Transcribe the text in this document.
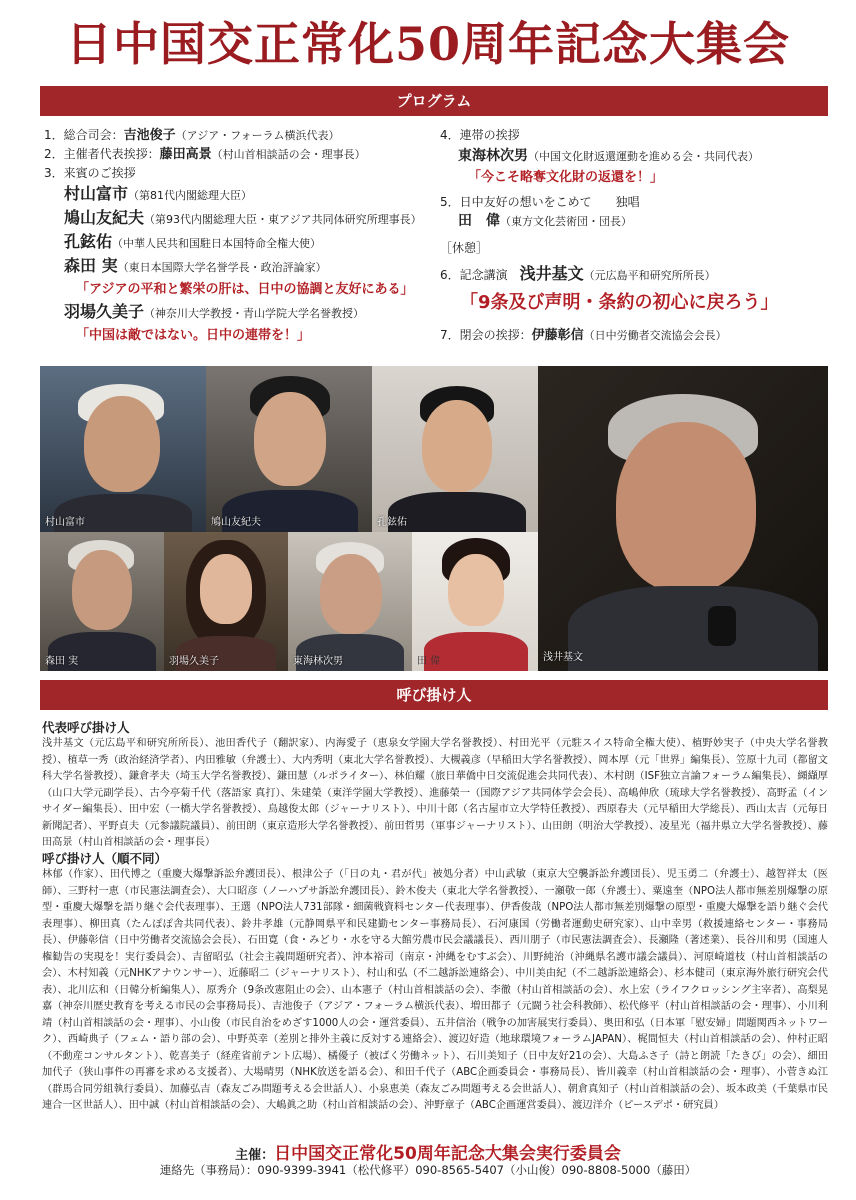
日中国交正常化50周年記念大集会
プログラム
1．総合司会：吉池俊子（アジア・フォーラム横浜代表）
2．主催者代表挨拶：藤田高景（村山首相談話の会・理事長）
3．来賓のご挨拶
村山富市（第81代内閣総理大臣）
鳩山友紀夫（第93代内閣総理大臣・東アジア共同体研究所理事長）
孔鉉佑（中華人民共和国駐日本国特命全権大使）
森田 実（東日本国際大学名誉学長・政治評論家）
「アジアの平和と繁栄の肝は、日中の協調と友好にある」
羽場久美子（神奈川大学教授・青山学院大学名誉教授）
「中国は敵ではない。日中の連帯を！」
4．連帯の挨拶
東海林次男（中国文化財返還運動を進める会・共同代表）
「今こそ略奪文化財の返還を！」
5．日中友好の想いをこめて　　独唱
田　偉（東方文化芸術団・団長）
［休憩］
6．記念講演　 浅井基文（元広島平和研究所所長）
「9条及び声明・条約の初心に戻ろう」
7．閉会の挨拶：伊藤彰信（日中労働者交流協会会長）
村山富市	鳩山友紀夫	孔鉉佑
浅井基文
森田 実	羽場久美子	東海林次男	田 偉
呼び掛け人
代表呼び掛け人
浅井基文（元広島平和研究所所長）、池田香代子（翻訳家）、内海愛子（恵泉女学園大学名誉教授）、村田光平（元駐スイス特命全権大使）、植野妙実子（中央大学名誉教授）、植草一秀（政治経済学者）、内田雅敏（弁護士）、大内秀明（東北大学名誉教授）、大槻義彦（早稲田大学名誉教授）、岡本厚（元「世界」編集長）、笠原十九司（都留文科大学名誉教授）、鎌倉孝夫（埼玉大学名誉教授）、鎌田慧（ルポライター）、林伯耀（旅日華僑中日交流促進会共同代表）、木村朗（ISF独立言論フォーラム編集長）、纐纈厚（山口大学元副学長）、古今亭菊千代（落語家 真打）、朱建榮（東洋学園大学教授）、進藤榮一（国際アジア共同体学会会長）、高嶋伸欣（琉球大学名誉教授）、高野孟（インサイダー編集長）、田中宏（一橋大学名誉教授）、鳥越俊太郎（ジャーナリスト）、中川十郎（名古屋市立大学特任教授）、西原春夫（元早稲田大学総長）、西山太吉（元毎日新聞記者）、平野貞夫（元参議院議員）、前田朗（東京造形大学名誉教授）、前田哲男（軍事ジャーナリスト）、山田朗（明治大学教授）、凌星光（福井県立大学名誉教授）、藤田高景（村山首相談話の会・理事長）
呼び掛け人（順不同）
林郁（作家）、田代博之（重慶大爆撃訴訟弁護団長）、根津公子（「日の丸・君が代」被処分者）中山武敏（東京大空襲訴訟弁護団長）、児玉勇二（弁護士）、越智祥太（医師）、三野村一恵（市民憲法調査会）、大口昭彦（ノーハプサ訴訟弁護団長）、鈴木俊夫（東北大学名誉教授）、一瀬敬一郎（弁護士）、粟遠奎（NPO法人都市無差別爆撃の原型・重慶大爆撃を語り継ぐ会代表理事）、王選（NPO法人731部隊・細菌戦資料センター代表理事）、伊香俊哉（NPO法人都市無差別爆撃の原型・重慶大爆撃を語り継ぐ会代表理事）、柳田真（たんぽぽ舎共同代表）、鈴井孝雄（元静岡県平和民建勤センター事務局長）、石河康国（労働者運動史研究家）、山中幸男（救援連絡センター・事務局長）、伊藤彰信（日中労働者交流協会会長）、石田寛（食・みどり・水を守る大館労農市民会議議長）、西川朋子（市民憲法調査会）、長瀬隆（著述業）、長谷川和男（国連人権勧告の実現を！実行委員会）、吉留昭弘（社会主義問題研究者）、沖本裕司（南京・沖縄をむすぶ会）、川野純治（沖縄県名護市議会議員）、河原崎道枝（村山首相談話の会）、木村知義（元NHKアナウンサー）、近藤昭二（ジャーナリスト）、村山和弘（不二越訴訟連絡会）、中川美由紀（不二越訴訟連絡会）、杉本健司（東京海外旅行研究会代表）、北川広和（日韓分析編集人）、原秀介（9条改憲阻止の会）、山本憲子（村山首相談話の会）、李徹（村山首相談話の会）、水上宏（ライフクロッシング主宰者）、高梨晃嘉（神奈川歴史教育を考える市民の会事務局長）、吉池俊子（アジア・フォーラム横浜代表）、増田都子（元闘う社会科教師）、松代修平（村山首相談話の会・理事）、小川利靖（村山首相談話の会・理事）、小山俊（市民自治をめざす1000人の会・運営委員）、五井信治（戦争の加害展実行委員）、奥田和弘（日本軍「慰安婦」問題関西ネットワーク）、西崎典子（フェム・語り部の会）、中野英幸（差別と排外主義に反対する連絡会）、渡辺好造（地球環境フォーラムJAPAN）、梶間恒夫（村山首相談話の会）、仲村正昭（不動産コンサルタント）、乾喜美子（経産省前テント広場）、橘優子（被ばく労働ネット）、石川美知子（日中友好21の会）、大島ふさ子（詩と朗読「たきび」の会）、細田加代子（狭山事件の再審を求める支援者）、大場晴男（NHK放送を語る会）、和田千代子（ABC企画委員会・事務局長）、皆川義幸（村山首相談話の会・理事）、小菅きぬ江（群馬合同労組執行委員）、加藤弘吉（森友ごみ問題考える会世話人）、小泉恵美（森友ごみ問題考える会世話人）、朝倉真知子（村山首相談話の会）、坂本政美（千葉県市民連合一区世話人）、田中誠（村山首相談話の会）、大嶋眞之助（村山首相談話の会）、沖野章子（ABC企画運営委員）、渡辺洋介（ピースデポ・研究員）
主催：日中国交正常化50周年記念大集会実行委員会
連絡先（事務局）：090-9399-3941（松代修平）090-8565-5407（小山俊）090-8808-5000（藤田）
